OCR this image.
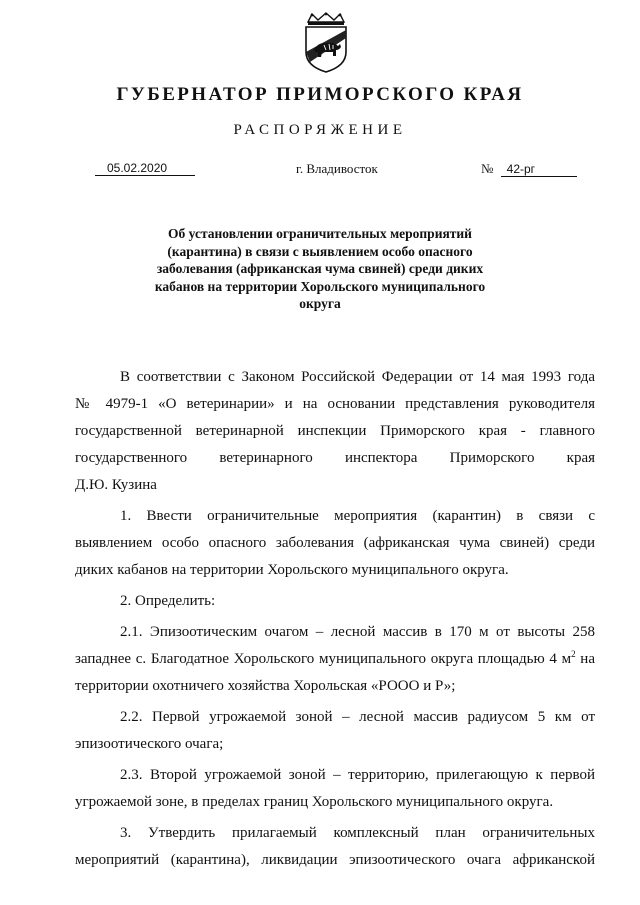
ГУБЕРНАТОР ПРИМОРСКОГО КРАЯ
РАСПОРЯЖЕНИЕ
05.02.2020	г. Владивосток	№ 42-рг
Об установлении ограничительных мероприятий (карантина) в связи с выявлением особо опасного заболевания (африканская чума свиней) среди диких кабанов на территории Хорольского муниципального округа

В соответствии с Законом Российской Федерации от 14 мая 1993 года

№ 4979-1 «О ветеринарии» и на основании представления руководителя

государственной ветеринарной инспекции Приморского края - главного

государственного ветеринарного инспектора Приморского края

Д.Ю. Кузина

1. Ввести ограничительные мероприятия (карантин) в связи с выявлением особо опасного заболевания (африканская чума свиней) среди диких кабанов на территории Хорольского муниципального округа.

2. Определить:

2.1. Эпизоотическим очагом – лесной массив в 170 м от высоты 258 западнее с. Благодатное Хорольского муниципального округа площадью 4 $м^2$ на территории охотничего хозяйства Хорольская «РООО и Р»;

2.2. Первой угрожаемой зоной – лесной массив радиусом 5 км от эпизоотического очага;

2.3. Второй угрожаемой зоной – территорию, прилегающую к первой угрожаемой зоне, в пределах границ Хорольского муниципального округа.

3. Утвердить прилагаемый комплексный план ограничительных мероприятий (карантина), ликвидации эпизоотического очага африканской
